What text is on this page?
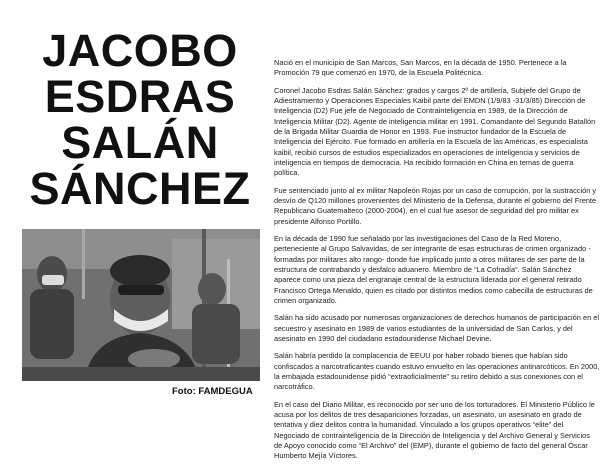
JACOBO
ESDRAS
SALÁN
SÁNCHEZ
Foto: FAMDEGUA

Nació en el municipio de San Marcos, San Marcos, en la década de 1950. Pertenece a la Promoción 79 que comenzó en 1970, de la Escuela Politécnica.

Coronel Jacobo Esdras Salán Sánchez: grados y cargos 2º de artillería, Subjefe del Grupo de Adiestramiento y Operaciones Especiales Kaibil parte del EMDN (1/9/83 -31/3/85) Dirección de Inteligencia (D2) Fue jefe de Negociado de Contrainteligencia en 1989, de la Dirección de Inteligencia Militar (D2). Agente de inteligencia militar en 1991. Comandante del Segundo Batallón de la Brigada Militar Guardia de Honor en 1993. Fue instructor fundador de la Escuela de Inteligencia del Ejército. Fue formado en artillería en la Escuela de las Américas, es especialista kaibil, recibió cursos de estudios especializados en operaciones de inteligencia y servicios de inteligencia en tiempos de democracia. Ha recibido formación en China en temas de guerra política.

Fue sentenciado junto al ex militar Napoleón Rojas por un caso de corrupción, por la sustracción y desvío de Q120 millones provenientes del Ministerio de la Defensa, durante el gobierno del Frente Republicano Guatemalteco (2000-2004), en el cual fue asesor de seguridad del pro militar ex presidente Alfonso Portillo.

En la década de 1990 fue señalado por las investigaciones del Caso de la Red Moreno, perteneciente al Grupo Salvavidas, de ser integrante de esas estructuras de crimen organizado -formadas por militares alto rango- donde fue implicado junto a otros militares de ser parte de la estructura de contrabando y desfalco aduanero. Miembro de “La Cofradía”. Salán Sánchez aparece como una pieza del engranaje central de la estructura liderada por el general retirado Francisco Ortega Menaldo, quien es citado por distintos medios como cabecilla de estructuras de crimen organizado.

Salán ha sido acusado por numerosas organizaciones de derechos humanos de participación en el secuestro y asesinato en 1989 de varios estudiantes de la universidad de San Carlos, y del asesinato en 1990 del ciudadano estadounidense Michael Devine.

Salán habría perdido la complacencia de EEUU por haber robado bienes que habían sido confiscados a narcotraficantes cuando estuvo envuelto en las operaciones antinarcóticos. En 2000, la embajada estadounidense pidió “extraoficialmente” su retiro debido a sus conexiones con el narcotráfico.

En el caso del Diario Militar, es reconocido por ser uno de los torturadores. El Ministerio Público le acusa por los delitos de tres desapariciones forzadas, un asesinato, un asesinato en grado de tentativa y diez delitos contra la humanidad. Vinculado a los grupos operativos “elite” del Negociado de contrainteligencia de la Dirección de Inteligencia y del Archivo General y Servicios de Apoyo conocido como “El Archivo” del (EMP), durante el gobierno de facto del general Óscar Humberto Mejía Víctores.
